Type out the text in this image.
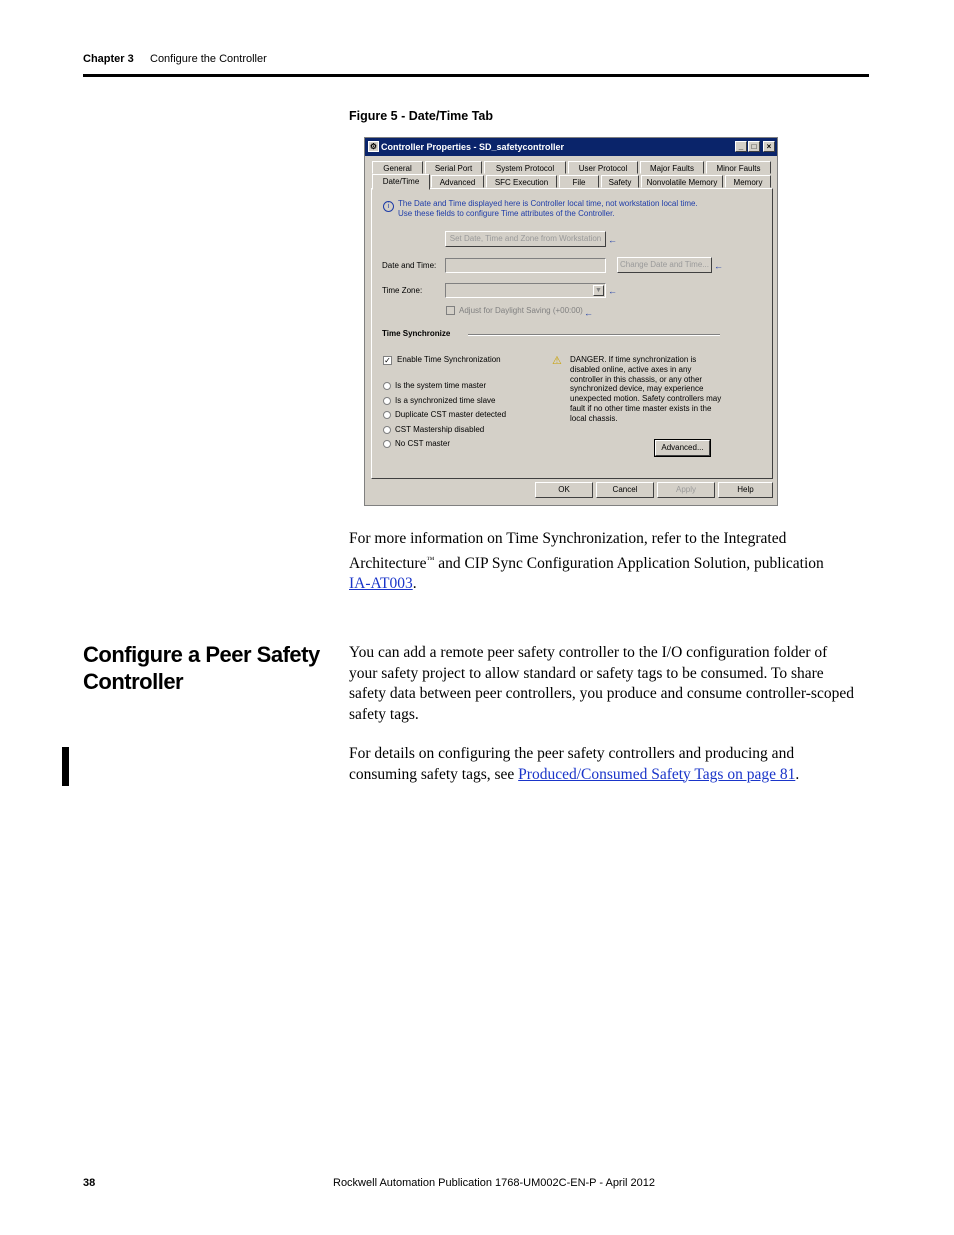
Chapter 3 Configure the Controller
Figure 5 - Date/Time Tab
⚙ Controller Properties - SD_safetycontroller	_	□	×
General	Serial Port	System Protocol	User Protocol	Major Faults	Minor Faults
Date/Time	Advanced	SFC Execution	File	Safety	Nonvolatile Memory	Memory
i	The Date and Time displayed here is Controller local time, not workstation local time.
Use these fields to configure Time attributes of the Controller.
Set Date, Time and Zone from Workstation ←
Date and Time:	Change Date and Time... ←
Time Zone:	▼ ←
Adjust for Daylight Saving (+00:00) ←
Time Synchronize
✓ Enable Time Synchronization
Is the system time master
Is a synchronized time slave
Duplicate CST master detected
CST Mastership disabled
No CST master
⚠ DANGER. If time synchronization is
disabled online, active axes in any
controller in this chassis, or any other
synchronized device, may experience
unexpected motion. Safety controllers may
fault if no other time master exists in the
local chassis.
Advanced...
OK	Cancel	Apply	Help
For more information on Time Synchronization, refer to the Integrated
Architecture™ and CIP Sync Configuration Application Solution, publication
IA-AT003.
Configure a Peer Safety Controller
You can add a remote peer safety controller to the I/O configuration folder of
your safety project to allow standard or safety tags to be consumed. To share
safety data between peer controllers, you produce and consume controller-scoped
safety tags.
For details on configuring the peer safety controllers and producing and
consuming safety tags, see Produced/Consumed Safety Tags on page 81.
38	Rockwell Automation Publication 1768-UM002C-EN-P - April 2012
